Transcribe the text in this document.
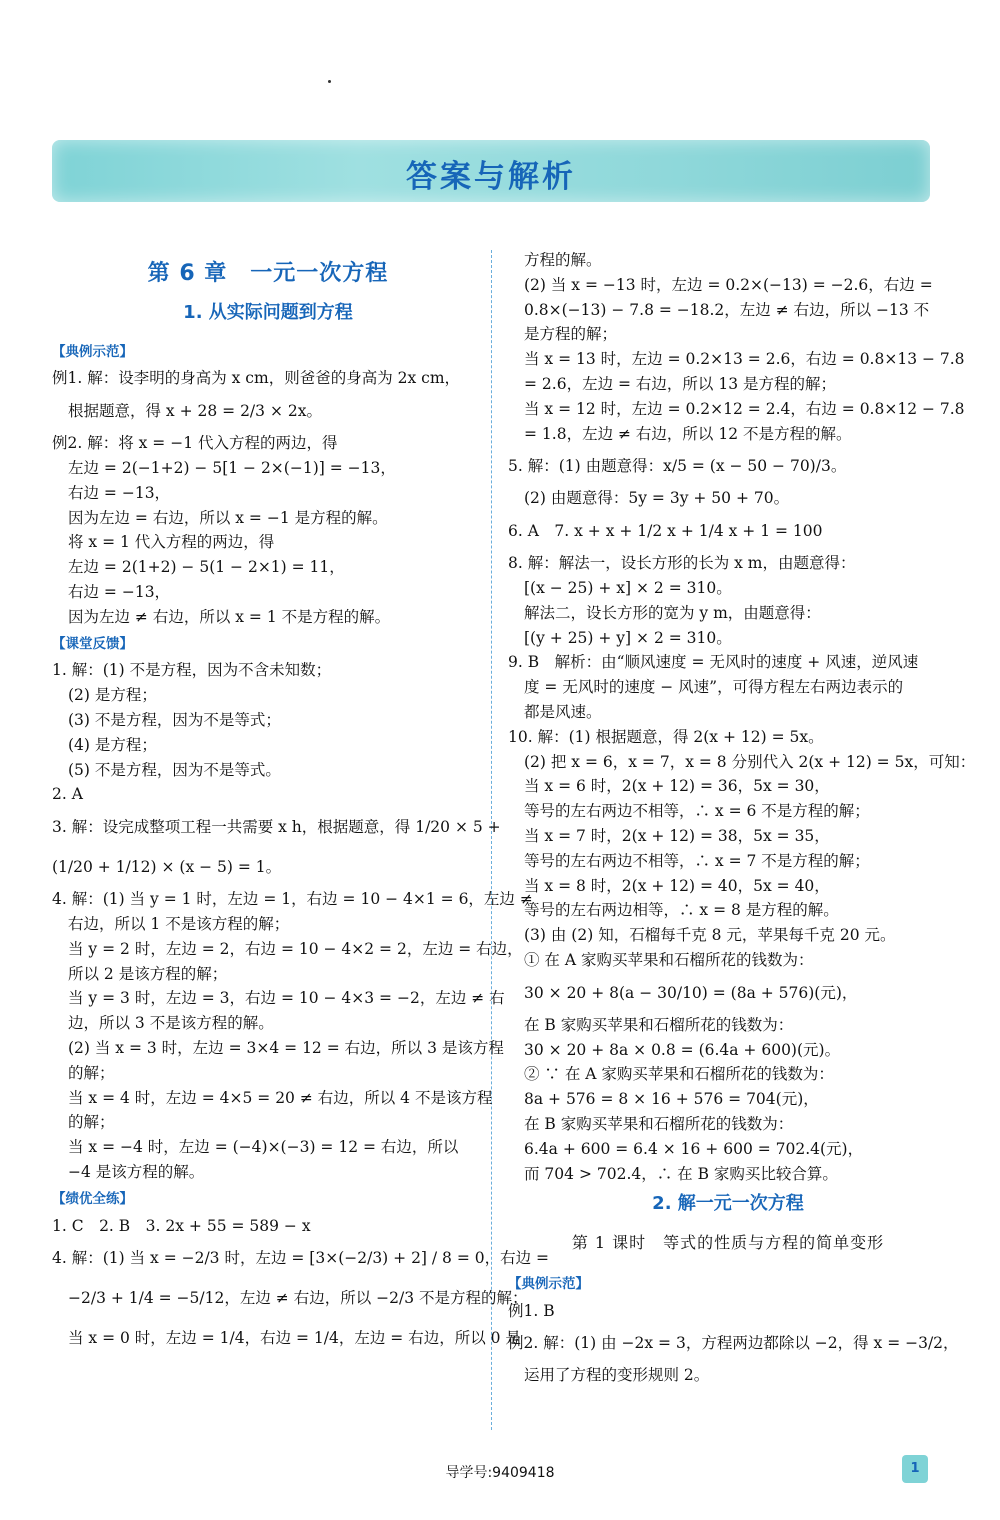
答案与解析
第 6 章　一元一次方程
1. 从实际问题到方程
【典例示范】
例1. 解：设李明的身高为 x cm，则爸爸的身高为 2x cm，
根据题意，得 x + 28 = 2/3 × 2x。
例2. 解：将 x = −1 代入方程的两边，得
左边 = 2(−1+2) − 5[1 − 2×(−1)] = −13，
右边 = −13，
因为左边 = 右边，所以 x = −1 是方程的解。
将 x = 1 代入方程的两边，得
左边 = 2(1+2) − 5(1 − 2×1) = 11，
右边 = −13，
因为左边 ≠ 右边，所以 x = 1 不是方程的解。
【课堂反馈】
1. 解：(1) 不是方程，因为不含未知数；
(2) 是方程；
(3) 不是方程，因为不是等式；
(4) 是方程；
(5) 不是方程，因为不是等式。
2. A
3. 解：设完成整项工程一共需要 x h，根据题意，得 1/20 × 5 +
(1/20 + 1/12) × (x − 5) = 1。
4. 解：(1) 当 y = 1 时，左边 = 1，右边 = 10 − 4×1 = 6，左边 ≠
右边，所以 1 不是该方程的解；
当 y = 2 时，左边 = 2，右边 = 10 − 4×2 = 2，左边 = 右边，
所以 2 是该方程的解；
当 y = 3 时，左边 = 3，右边 = 10 − 4×3 = −2，左边 ≠ 右
边，所以 3 不是该方程的解。
(2) 当 x = 3 时，左边 = 3×4 = 12 = 右边，所以 3 是该方程
的解；
当 x = 4 时，左边 = 4×5 = 20 ≠ 右边，所以 4 不是该方程
的解；
当 x = −4 时，左边 = (−4)×(−3) = 12 = 右边，所以
−4 是该方程的解。
【绩优全练】
1. C　2. B　3. 2x + 55 = 589 − x
4. 解：(1) 当 x = −2/3 时，左边 = [3×(−2/3) + 2] / 8 = 0，右边 =
−2/3 + 1/4 = −5/12，左边 ≠ 右边，所以 −2/3 不是方程的解；
当 x = 0 时，左边 = 1/4，右边 = 1/4，左边 = 右边，所以 0 是
方程的解。
(2) 当 x = −13 时，左边 = 0.2×(−13) = −2.6，右边 =
0.8×(−13) − 7.8 = −18.2，左边 ≠ 右边，所以 −13 不
是方程的解；
当 x = 13 时，左边 = 0.2×13 = 2.6，右边 = 0.8×13 − 7.8
= 2.6，左边 = 右边，所以 13 是方程的解；
当 x = 12 时，左边 = 0.2×12 = 2.4，右边 = 0.8×12 − 7.8
= 1.8，左边 ≠ 右边，所以 12 不是方程的解。
5. 解：(1) 由题意得：x/5 = (x − 50 − 70)/3。
(2) 由题意得：5y = 3y + 50 + 70。
6. A　7. x + x + 1/2 x + 1/4 x + 1 = 100
8. 解：解法一，设长方形的长为 x m，由题意得：
[(x − 25) + x] × 2 = 310。
解法二，设长方形的宽为 y m，由题意得：
[(y + 25) + y] × 2 = 310。
9. B　解析：由“顺风速度 = 无风时的速度 + 风速，逆风速
度 = 无风时的速度 − 风速”，可得方程左右两边表示的
都是风速。
10. 解：(1) 根据题意，得 2(x + 12) = 5x。
(2) 把 x = 6，x = 7，x = 8 分别代入 2(x + 12) = 5x，可知：
当 x = 6 时，2(x + 12) = 36，5x = 30，
等号的左右两边不相等，∴ x = 6 不是方程的解；
当 x = 7 时，2(x + 12) = 38，5x = 35，
等号的左右两边不相等，∴ x = 7 不是方程的解；
当 x = 8 时，2(x + 12) = 40，5x = 40，
等号的左右两边相等，∴ x = 8 是方程的解。
(3) 由 (2) 知，石榴每千克 8 元，苹果每千克 20 元。
① 在 A 家购买苹果和石榴所花的钱数为：
30 × 20 + 8(a − 30/10) = (8a + 576)(元)，
在 B 家购买苹果和石榴所花的钱数为：
30 × 20 + 8a × 0.8 = (6.4a + 600)(元)。
② ∵ 在 A 家购买苹果和石榴所花的钱数为：
8a + 576 = 8 × 16 + 576 = 704(元)，
在 B 家购买苹果和石榴所花的钱数为：
6.4a + 600 = 6.4 × 16 + 600 = 702.4(元)，
而 704 > 702.4，∴ 在 B 家购买比较合算。
2. 解一元一次方程
第 1 课时　等式的性质与方程的简单变形
【典例示范】
例1. B
例2. 解：(1) 由 −2x = 3，方程两边都除以 −2，得 x = −3/2，
运用了方程的变形规则 2。
导学号:9409418	1
